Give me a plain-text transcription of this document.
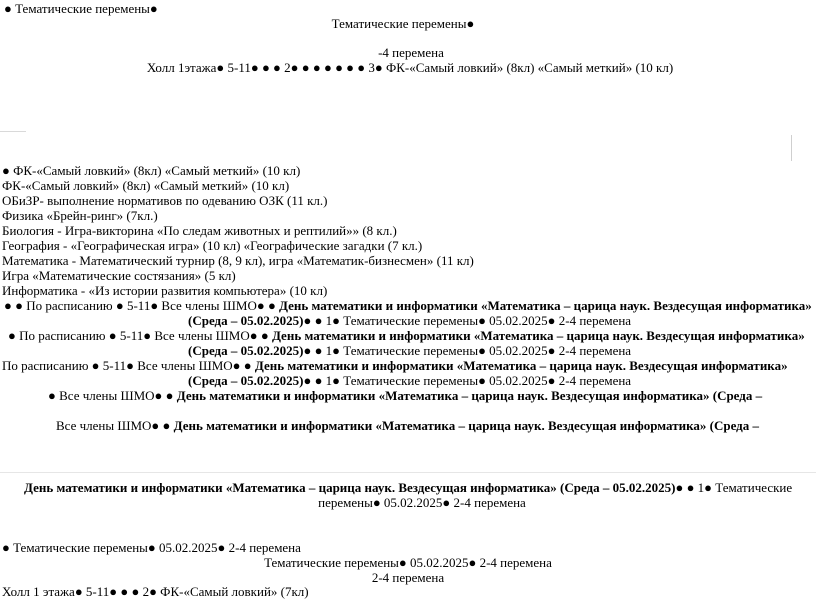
● Тематические перемены●
Тематические перемены●
-4 перемена
Холл 1этажа● 5-11● ● ● 2● ● ● ● ● ● ● 3● ФК-«Самый ловкий» (8кл) «Самый меткий» (10 кл)
● ФК-«Самый ловкий» (8кл) «Самый меткий» (10 кл)
ФК-«Самый ловкий» (8кл) «Самый меткий» (10 кл)
ОБиЗР- выполнение нормативов по одеванию ОЗК (11 кл.)
Физика «Брейн-ринг» (7кл.)
Биология - Игра-викторина «По следам животных и рептилий»» (8 кл.)
География - «Географическая игра» (10 кл) «Географические загадки (7 кл.)
Математика - Математический турнир (8, 9 кл), игра «Математик-бизнесмен» (11 кл)
Игра «Математические состязания» (5 кл)
Информатика - «Из истории развития компьютера» (10 кл)
● ● По расписанию ● 5-11● Все члены ШМО● ● День математики и информатики «Математика – царица наук. Вездесущая информатика»
(Среда – 05.02.2025)● ● 1● Тематические перемены● 05.02.2025● 2-4 перемена
● По расписанию ● 5-11● Все члены ШМО● ● День математики и информатики «Математика – царица наук. Вездесущая информатика»
(Среда – 05.02.2025)● ● 1● Тематические перемены● 05.02.2025● 2-4 перемена
По расписанию ● 5-11● Все члены ШМО● ● День математики и информатики «Математика – царица наук. Вездесущая информатика»
(Среда – 05.02.2025)● ● 1● Тематические перемены● 05.02.2025● 2-4 перемена
● Все члены ШМО● ● День математики и информатики «Математика – царица наук. Вездесущая информатика» (Среда –
Все члены ШМО● ● День математики и информатики «Математика – царица наук. Вездесущая информатика» (Среда –
День математики и информатики «Математика – царица наук. Вездесущая информатика» (Среда – 05.02.2025)● ● 1● Тематические
перемены● 05.02.2025● 2-4 перемена
● Тематические перемены● 05.02.2025● 2-4 перемена
Тематические перемены● 05.02.2025● 2-4 перемена
2-4 перемена
Холл 1 этажа● 5-11● ● ● 2● ФК-«Самый ловкий» (7кл)
